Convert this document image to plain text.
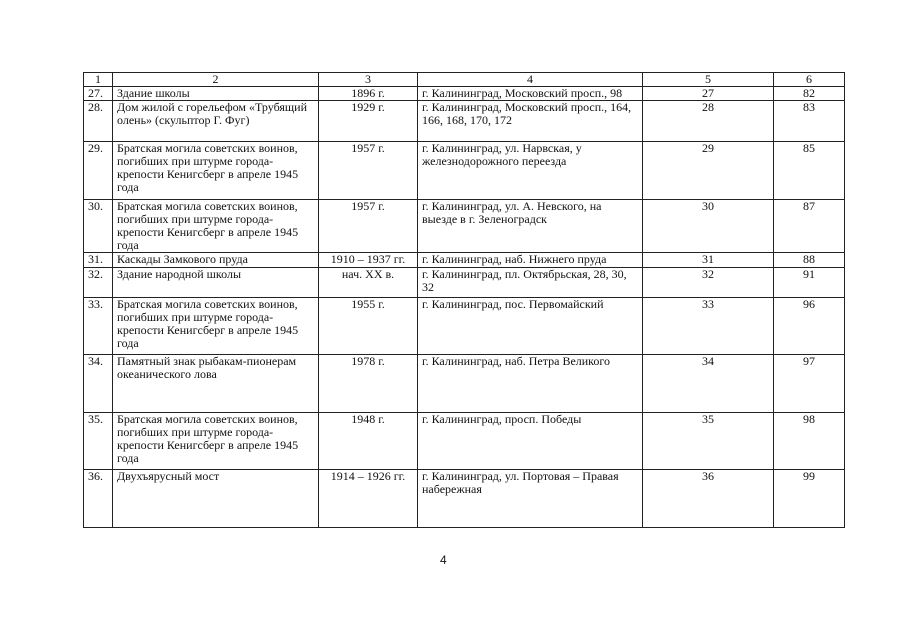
1	2	3	4	5	6
27.	Здание школы	1896 г.	г. Калининград, Московский просп., 98	27	82
28.	Дом жилой с горельефом «Трубящий олень» (скульптор Г. Фуг)	1929 г.	г. Калининград, Московский просп., 164, 166, 168, 170, 172	28	83
29.	Братская могила советских воинов, погибших при штурме города-крепости Кенигсберг в апреле 1945 года	1957 г.	г. Калининград, ул. Нарвская, у железнодорожного переезда	29	85
30.	Братская могила советских воинов, погибших при штурме города-крепости Кенигсберг в апреле 1945 года	1957 г.	г. Калининград, ул. А. Невского, на выезде в г. Зеленоградск	30	87
31.	Каскады Замкового пруда	1910 – 1937 гг.	г. Калининград, наб. Нижнего пруда	31	88
32.	Здание народной школы	нач. XX в.	г. Калининград, пл. Октябрьская, 28, 30, 32	32	91
33.	Братская могила советских воинов, погибших при штурме города-крепости Кенигсберг в апреле 1945 года	1955 г.	г. Калининград, пос. Первомайский	33	96
34.	Памятный знак рыбакам-пионерам океанического лова	1978 г.	г. Калининград, наб. Петра Великого	34	97
35.	Братская могила советских воинов, погибших при штурме города-крепости Кенигсберг в апреле 1945 года	1948 г.	г. Калининград, просп. Победы	35	98
36.	Двухъярусный мост	1914 – 1926 гг.	г. Калининград, ул. Портовая – Правая набережная	36	99
4
